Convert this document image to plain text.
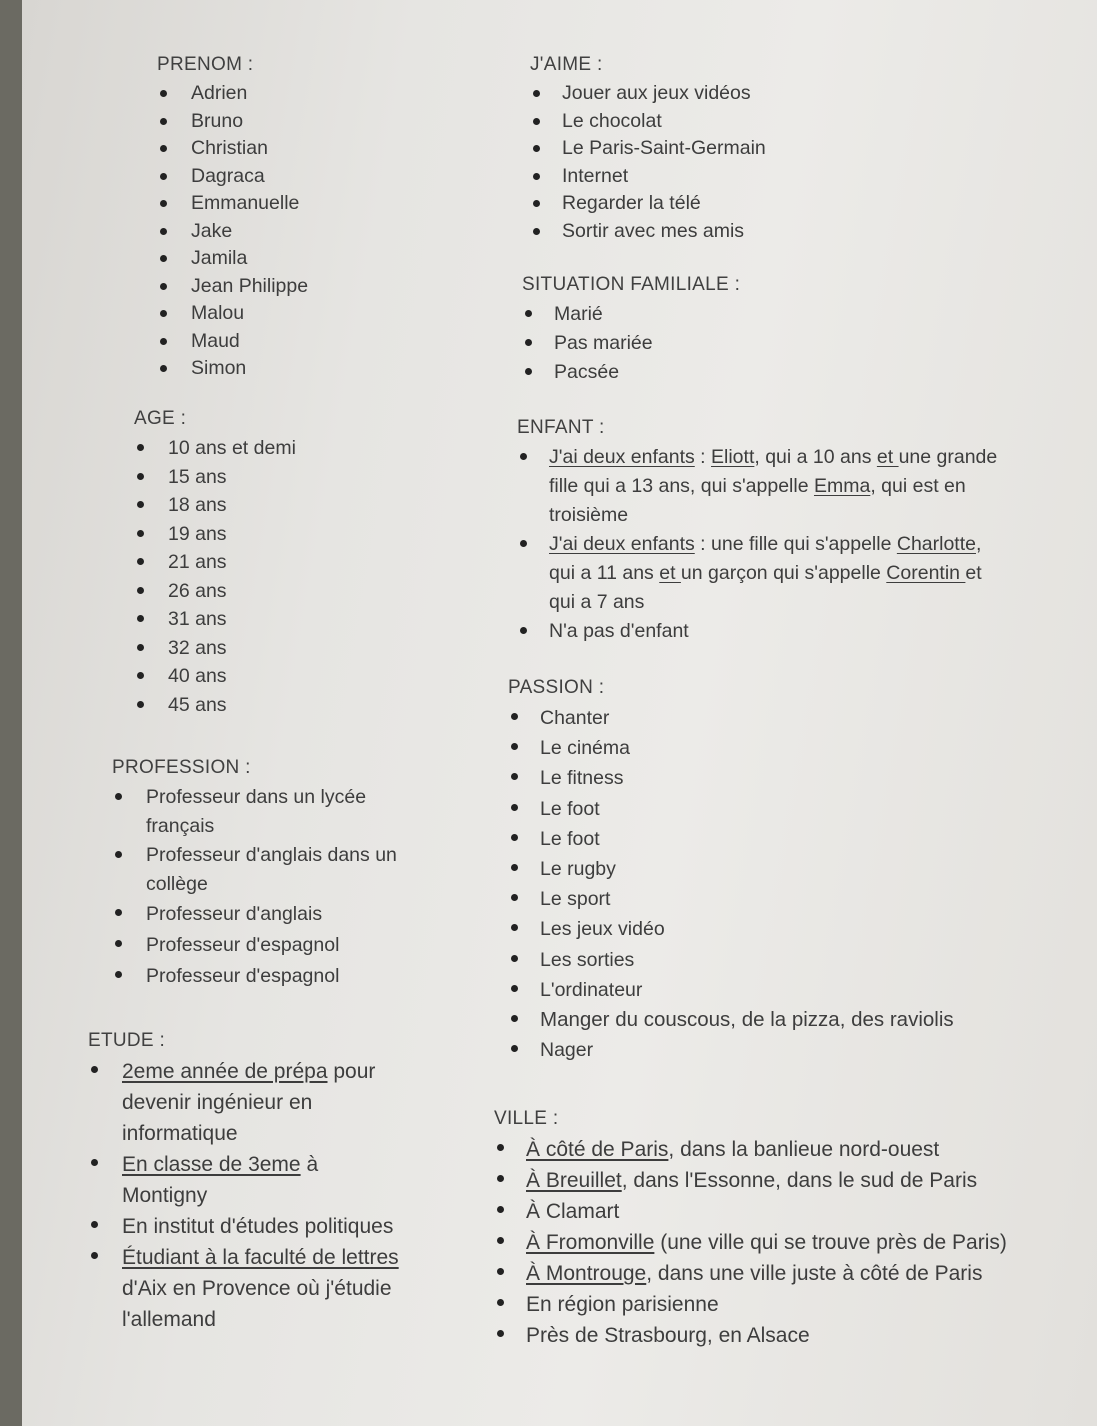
PRENOM :
Adrien
Bruno
Christian
Dagraca
Emmanuelle
Jake
Jamila
Jean Philippe
Malou
Maud
Simon
AGE :
10 ans et demi
15 ans
18 ans
19 ans
21 ans
26 ans
31 ans
32 ans
40 ans
45 ans
PROFESSION :
Professeur dans un lycée
français
Professeur d'anglais dans un
collège
Professeur d'anglais
Professeur d'espagnol
Professeur d'espagnol
ETUDE :
2eme année de prépa pour
devenir ingénieur en
informatique
En classe de 3eme à
Montigny
En institut d'études politiques
Étudiant à la faculté de lettres
d'Aix en Provence où j'étudie
l'allemand
J'AIME :
Jouer aux jeux vidéos
Le chocolat
Le Paris-Saint-Germain
Internet
Regarder la télé
Sortir avec mes amis
SITUATION FAMILIALE :
Marié
Pas mariée
Pacsée
ENFANT :
J'ai deux enfants : Eliott, qui a 10 ans et une grande
fille qui a 13 ans, qui s'appelle Emma, qui est en
troisième
J'ai deux enfants : une fille qui s'appelle Charlotte,
qui a 11 ans et un garçon qui s'appelle Corentin et
qui a 7 ans
N'a pas d'enfant
PASSION :
Chanter
Le cinéma
Le fitness
Le foot
Le foot
Le rugby
Le sport
Les jeux vidéo
Les sorties
L'ordinateur
Manger du couscous, de la pizza, des raviolis
Nager
VILLE :
À côté de Paris, dans la banlieue nord-ouest
À Breuillet, dans l'Essonne, dans le sud de Paris
À Clamart
À Fromonville (une ville qui se trouve près de Paris)
À Montrouge, dans une ville juste à côté de Paris
En région parisienne
Près de Strasbourg, en Alsace
